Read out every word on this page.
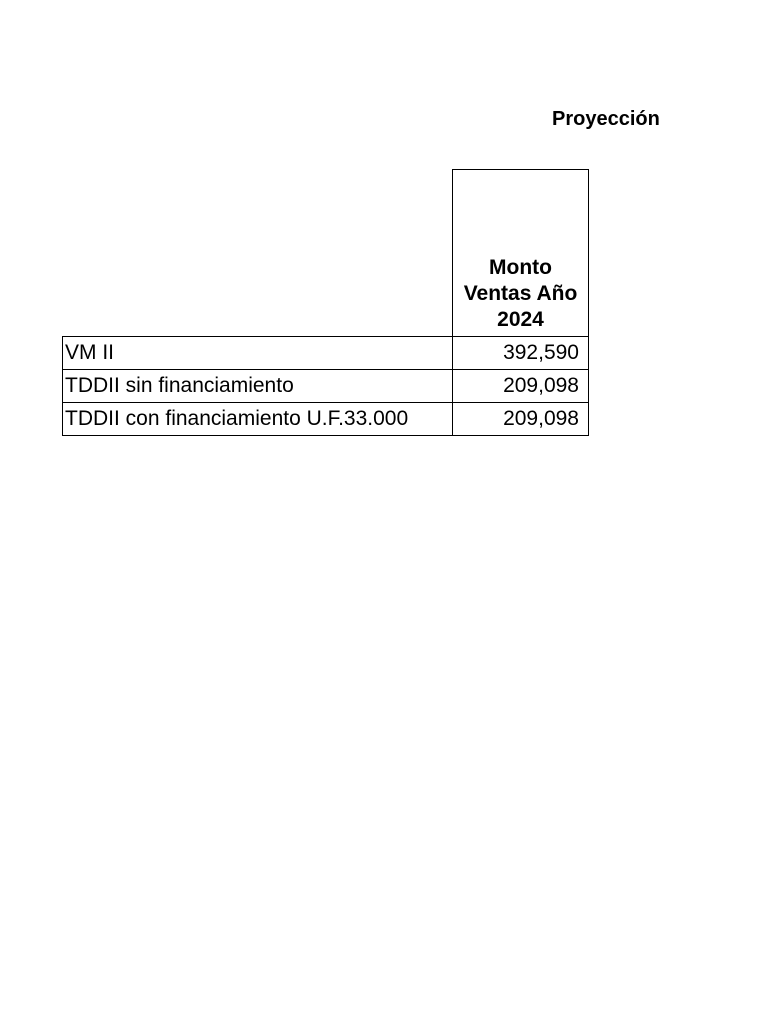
Proyección

	Monto
Ventas Año
2024

VM II	392,590
TDDII sin financiamiento	209,098
TDDII con financiamiento U.F.33.000	209,098
